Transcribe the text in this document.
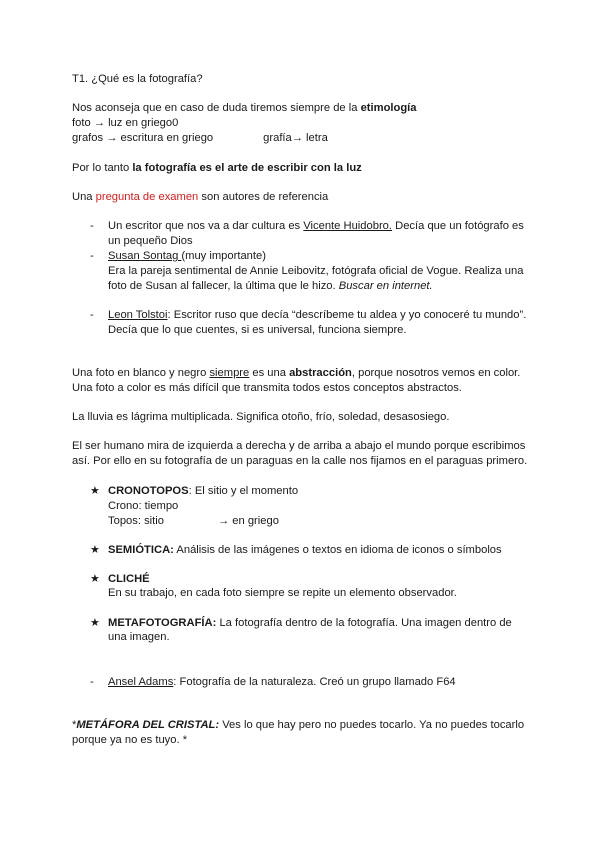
T1. ¿Qué es la fotografía?
Nos aconseja que en caso de duda tiremos siempre de la etimología
foto → luz en griego0
grafos → escritura en griego	grafía→ letra
Por lo tanto la fotografía es el arte de escribir con la luz
Una pregunta de examen son autores de referencia
- Un escritor que nos va a dar cultura es Vicente Huidobro. Decía que un fotógrafo es
un pequeño Dios
- Susan Sontag (muy importante)
Era la pareja sentimental de Annie Leibovitz, fotógrafa oficial de Vogue. Realiza una
foto de Susan al fallecer, la última que le hizo. Buscar en internet.
- Leon Tolstoi: Escritor ruso que decía “descríbeme tu aldea y yo conoceré tu mundo”.
Decía que lo que cuentes, si es universal, funciona siempre.
Una foto en blanco y negro siempre es una abstracción, porque nosotros vemos en color.
Una foto a color es más difícil que transmita todos estos conceptos abstractos.
La lluvia es lágrima multiplicada. Significa otoño, frío, soledad, desasosiego.
El ser humano mira de izquierda a derecha y de arriba a abajo el mundo porque escribimos
así. Por ello en su fotografía de un paraguas en la calle nos fijamos en el paraguas primero.
★ CRONOTOPOS: El sitio y el momento
Crono: tiempo
Topos: sitio	→ en griego
★ SEMIÓTICA: Análisis de las imágenes o textos en idioma de iconos o símbolos
★ CLICHÉ
En su trabajo, en cada foto siempre se repite un elemento observador.
★ METAFOTOGRAFÍA: La fotografía dentro de la fotografía. Una imagen dentro de
una imagen.
- Ansel Adams: Fotografía de la naturaleza. Creó un grupo llamado F64
*METÁFORA DEL CRISTAL: Ves lo que hay pero no puedes tocarlo. Ya no puedes tocarlo
porque ya no es tuyo. *
